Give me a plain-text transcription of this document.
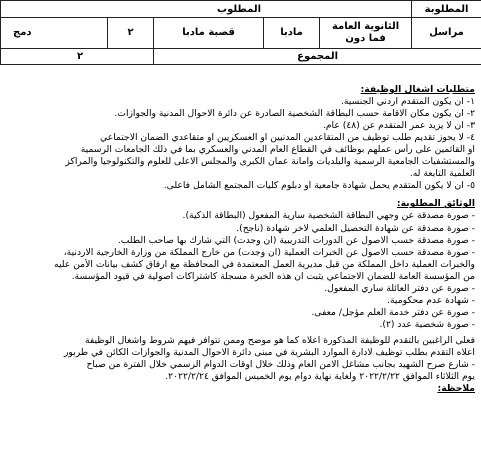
المطلوبة	المطلوب				
مراسل	الثانوية العامة فما دون	مادبا	قصبة مادبا	٢	دمج
المجموع				٢	
متطلبات اشغال الوظيفة:
١- ان يكون المتقدم اردني الجنسية.
٢- ان يكون مكان الاقامة حسب البطاقة الشخصية الصادرة عن دائرة الاحوال المدنية والجوازات.
٣- ان لا يزيد عمر المتقدم عن (٤٨) عام.
٤- لا يجوز تقديم طلب توظيف من المتقاعدين المدنيين او العسكريين او متقاعدي الضمان الاجتماعي
او القائمين على رأس عملهم بوظائف في القطاع العام المدني والعسكري بما في ذلك الجامعات الرسمية
والمستشفيات الجامعية الرسمية والبلديات وامانة عمان الكبرى والمجلس الاعلى للعلوم والتكنولوجيا والمراكز
العلمية التابعة له.
٥- ان لا يكون المتقدم يحمل شهادة جامعية او دبلوم كليات المجتمع الشامل فاعلى.
الوثائق المطلوبة:
- صورة مصدقة عن وجهي البطاقة الشخصية سارية المفعول (البطاقة الذكية).
- صورة مصدقة عن شهادة التحصيل العلمي لاخر شهادة (ناجح).
- صورة مصدقة حسب الاصول عن الدورات التدريبية (ان وجدت) التي شارك بها صاحب الطلب.
- صورة مصدقة حسب الاصول عن الخبرات العملية (ان وجدت) من خارج المملكة من وزارة الخارجية الاردنية،
والخبرات العملية داخل المملكة من قبل مديرية العمل المعتمدة في المحافظة مع ارفاق كشف بيانات الأمن عليه
من المؤسسة العامة للضمان الاجتماعي يثبت ان هذه الخبرة مسجلة كاشتراكات اصولية في قيود المؤسسة.
- صورة عن دفتر العائلة ساري المفعول.
- شهادة عدم محكومية.
- صورة عن دفتر خدمة العلم مؤجل/ معفى.
- صورة شخصية عدد (٢).
فعلى الراغبين بالتقدم للوظيفة المذكورة اعلاه كما هو موضح وممن تتوافر فيهم شروط واشغال الوظيفة
اعلاه التقدم بطلب توظيف لادارة الموارد البشرية في مبنى دائرة الاحوال المدنية والجوازات الكائن في طربور
- شارع صرح الشهيد بجانب مشاغل الامن العام وذلك خلال اوقات الدوام الرسمي خلال الفترة من صباح
يوم الثلاثاء الموافق ٢٠٢٢/٢/٢٢ ولغاية نهاية دوام يوم الخميس الموافق ٢٠٢٢/٢/٢٤.
ملاحظة:
